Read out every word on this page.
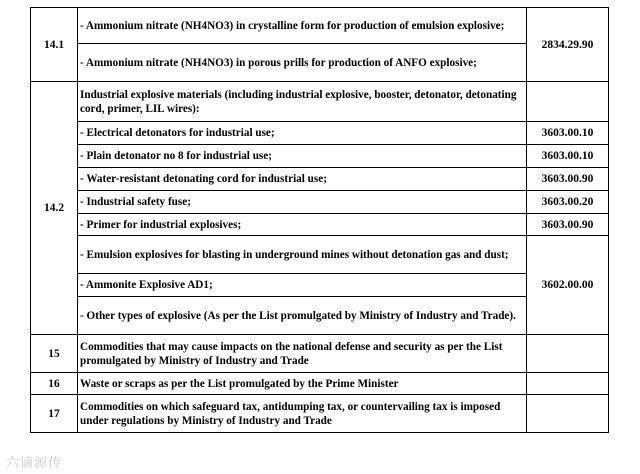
14.1	- Ammonium nitrate (NH4NO3) in crystalline form for production of emulsion explosive;	2834.29.90
	- Ammonium nitrate (NH4NO3) in porous prills for production of ANFO explosive;	
14.2	Industrial explosive materials (including industrial explosive, booster, detonator, detonating cord, primer, LIL wires):	
	- Electrical detonators for industrial use;	3603.00.10
	- Plain detonator no 8 for industrial use;	3603.00.10
	- Water-resistant detonating cord for industrial use;	3603.00.90
	- Industrial safety fuse;	3603.00.20
	- Primer for industrial explosives;	3603.00.90
	- Emulsion explosives for blasting in underground mines without detonation gas and dust;	3602.00.00
	- Ammonite Explosive AD1;	
	- Other types of explosive (As per the List promulgated by Ministry of Industry and Trade).	

15	Commodities that may cause impacts on the national defense and security as per the List promulgated by Ministry of Industry and Trade	
16	Waste or scraps as per the List promulgated by the Prime Minister	
17	Commodities on which safeguard tax, antidumping tax, or countervailing tax is imposed under regulations by Ministry of Industry and Trade	
六谪源传
